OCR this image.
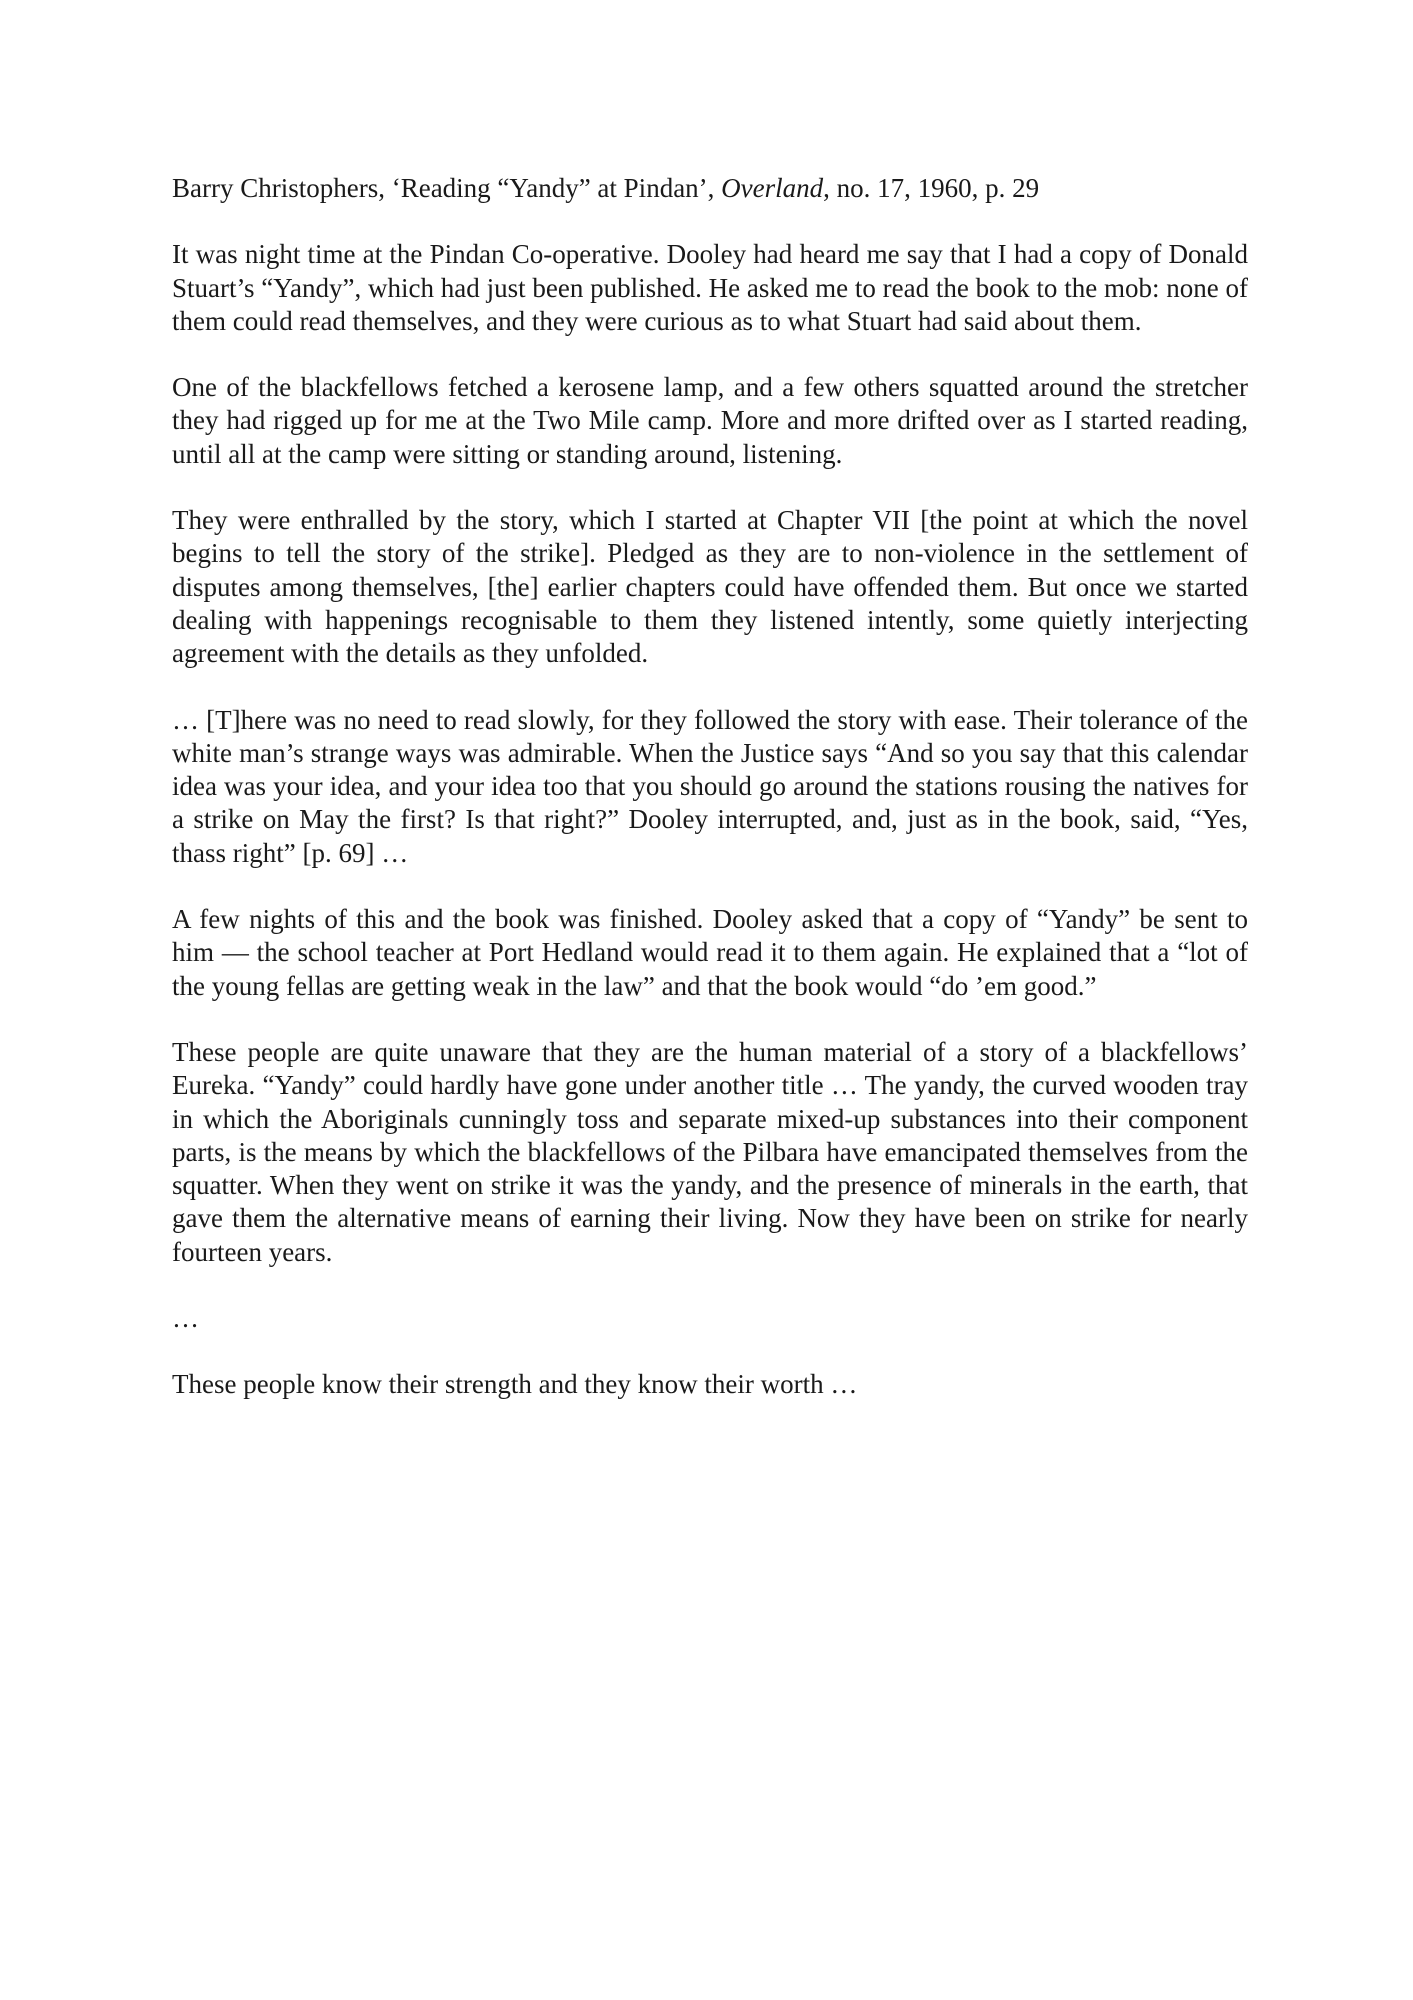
Barry Christophers, ‘Reading “Yandy” at Pindan’, Overland, no. 17, 1960, p. 29

It was night time at the Pindan Co-operative. Dooley had heard me say that I had a copy of Donald Stuart’s “Yandy”, which had just been published. He asked me to read the book to the mob: none of them could read themselves, and they were curious as to what Stuart had said about them.

One of the blackfellows fetched a kerosene lamp, and a few others squatted around the stretcher they had rigged up for me at the Two Mile camp. More and more drifted over as I started reading, until all at the camp were sitting or standing around, listening.

They were enthralled by the story, which I started at Chapter VII [the point at which the novel begins to tell the story of the strike]. Pledged as they are to non-violence in the settlement of disputes among themselves, [the] earlier chapters could have offended them. But once we started dealing with happenings recognisable to them they listened intently, some quietly interjecting agreement with the details as they unfolded.

… [T]here was no need to read slowly, for they followed the story with ease. Their tolerance of the white man’s strange ways was admirable. When the Justice says “And so you say that this calendar idea was your idea, and your idea too that you should go around the stations rousing the natives for a strike on May the first? Is that right?” Dooley interrupted, and, just as in the book, said, “Yes, thass right” [p. 69] …

A few nights of this and the book was finished. Dooley asked that a copy of “Yandy” be sent to him — the school teacher at Port Hedland would read it to them again. He explained that a “lot of the young fellas are getting weak in the law” and that the book would “do ’em good.”

These people are quite unaware that they are the human material of a story of a blackfellows’ Eureka. “Yandy” could hardly have gone under another title … The yandy, the curved wooden tray in which the Aboriginals cunningly toss and separate mixed-up substances into their component parts, is the means by which the blackfellows of the Pilbara have emancipated themselves from the squatter. When they went on strike it was the yandy, and the presence of minerals in the earth, that gave them the alternative means of earning their living. Now they have been on strike for nearly fourteen years.

…

These people know their strength and they know their worth …
